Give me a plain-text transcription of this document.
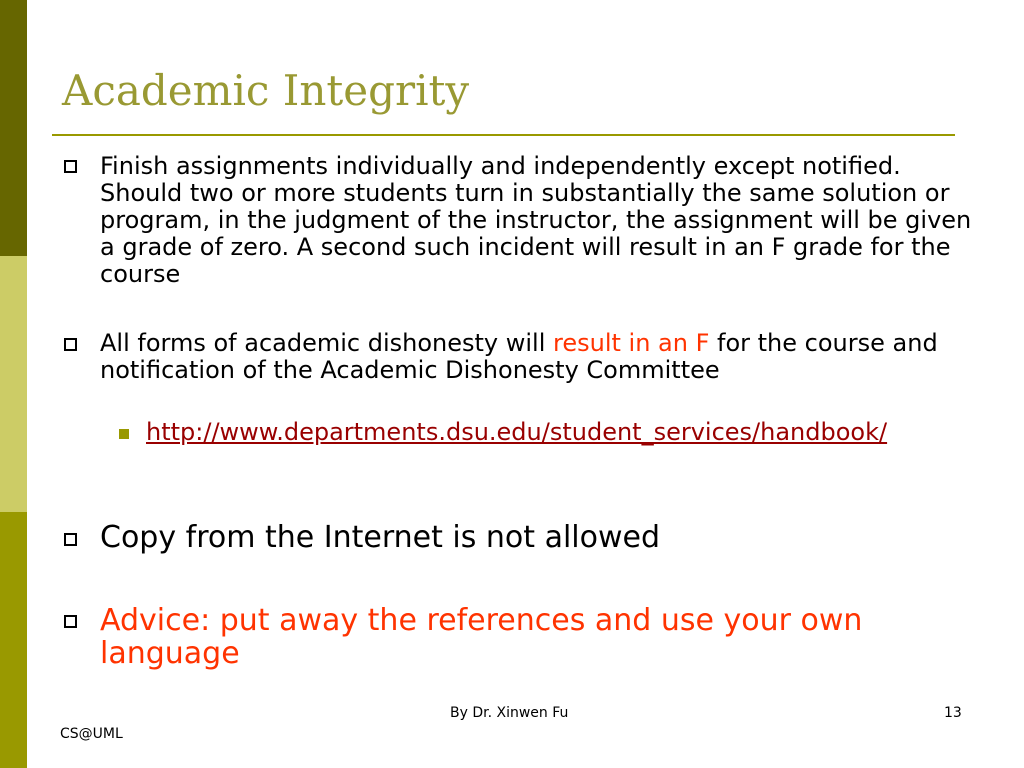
Academic Integrity
Finish assignments individually and independently except notified. Should two or more students turn in substantially the same solution or program, in the judgment of the instructor, the assignment will be given a grade of zero. A second such incident will result in an F grade for the course
All forms of academic dishonesty will result in an F for the course and notification of the Academic Dishonesty Committee
http://www.departments.dsu.edu/student_services/handbook/
Copy from the Internet is not allowed
Advice: put away the references and use your own language
By Dr. Xinwen Fu	13
CS@UML
